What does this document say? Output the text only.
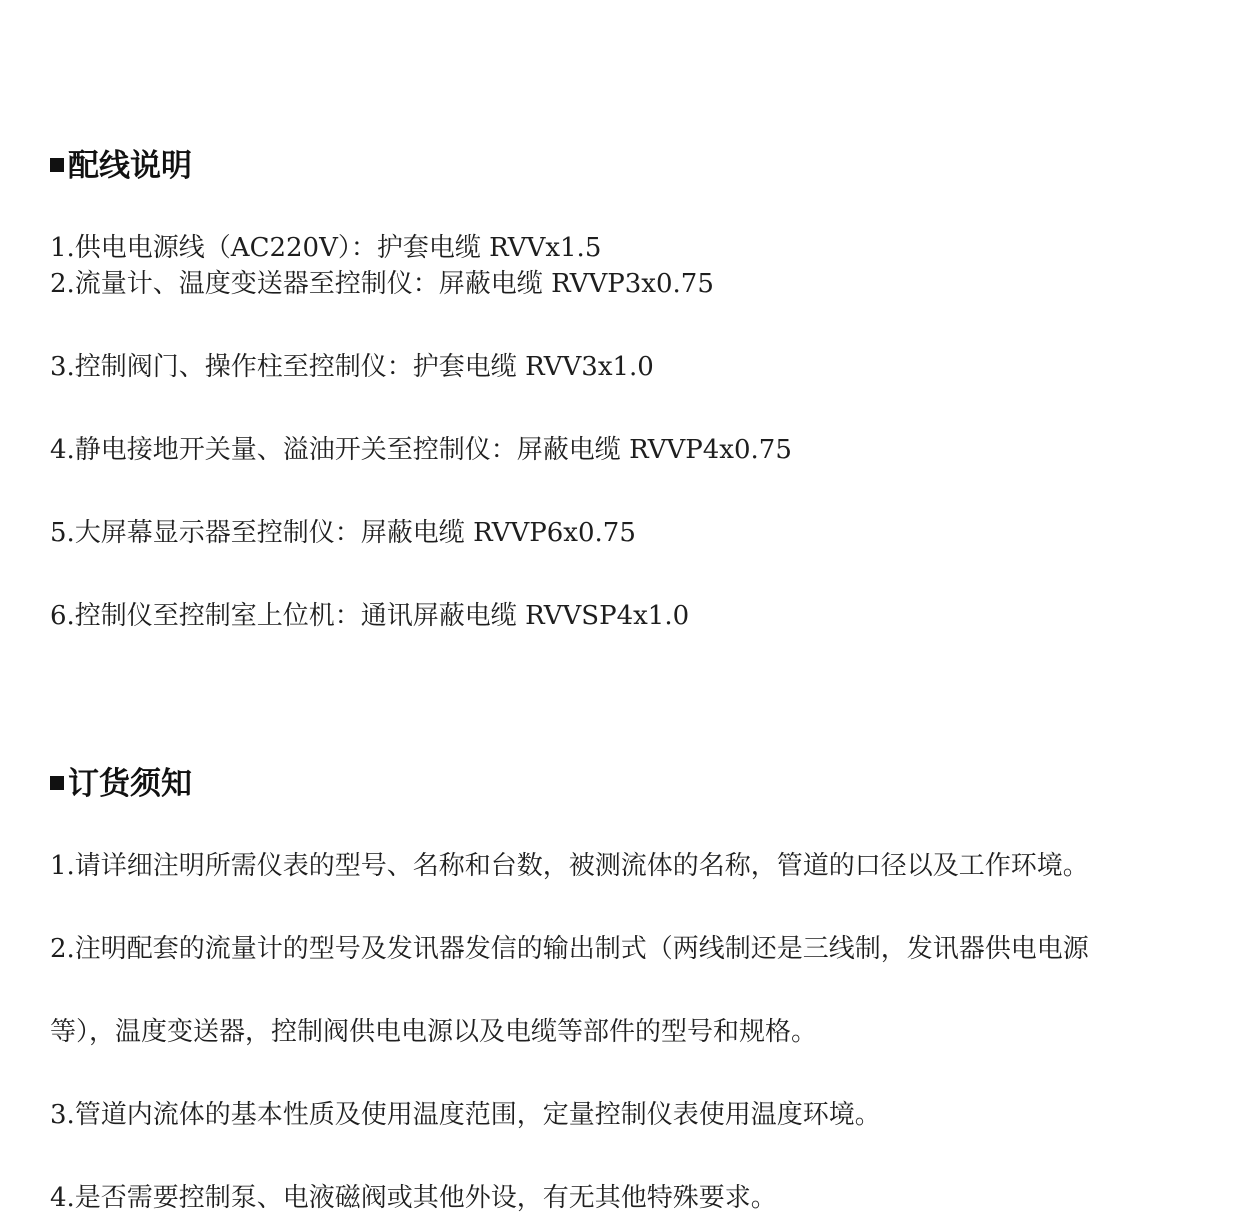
配线说明

1.供电电源线（AC220V）：护套电缆 RVVx1.5

2.流量计、温度变送器至控制仪：屏蔽电缆 RVVP3x0.75

3.控制阀门、操作柱至控制仪：护套电缆 RVV3x1.0

4.静电接地开关量、溢油开关至控制仪：屏蔽电缆 RVVP4x0.75

5.大屏幕显示器至控制仪：屏蔽电缆 RVVP6x0.75

6.控制仪至控制室上位机：通讯屏蔽电缆 RVVSP4x1.0

订货须知

1.请详细注明所需仪表的型号、名称和台数，被测流体的名称，管道的口径以及工作环境。

2.注明配套的流量计的型号及发讯器发信的输出制式（两线制还是三线制，发讯器供电电源

等），温度变送器，控制阀供电电源以及电缆等部件的型号和规格。

3.管道内流体的基本性质及使用温度范围，定量控制仪表使用温度环境。

4.是否需要控制泵、电液磁阀或其他外设，有无其他特殊要求。
